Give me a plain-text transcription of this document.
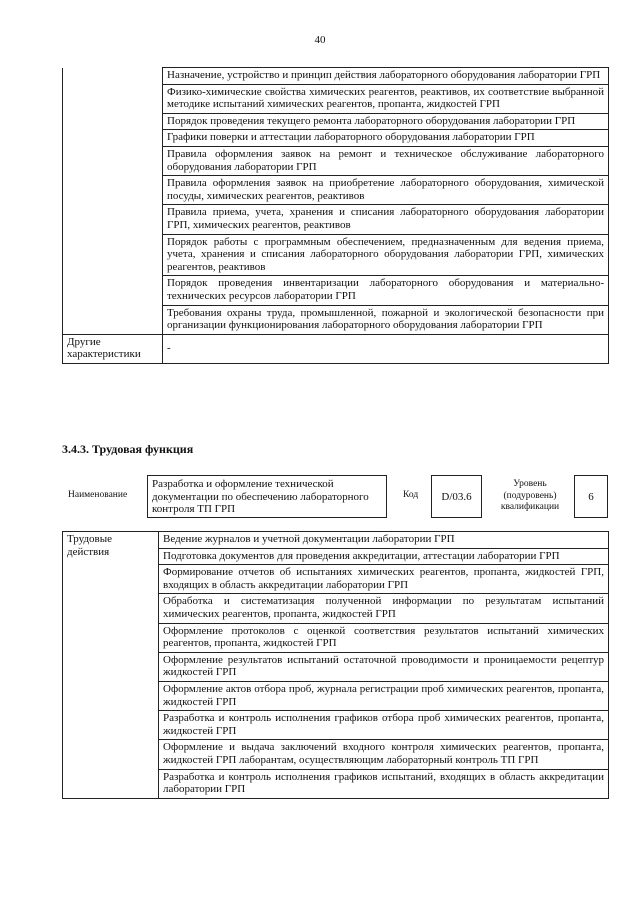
40
	Назначение, устройство и принцип действия лабораторного оборудования лаборатории ГРП
	Физико-химические свойства химических реагентов, реактивов, их соответствие выбранной методике испытаний химических реагентов, пропанта, жидкостей ГРП
	Порядок проведения текущего ремонта лабораторного оборудования лаборатории ГРП
	Графики поверки и аттестации лабораторного оборудования лаборатории ГРП
	Правила оформления заявок на ремонт и техническое обслуживание лабораторного оборудования лаборатории ГРП
	Правила оформления заявок на приобретение лабораторного оборудования, химической посуды, химических реагентов, реактивов
	Правила приема, учета, хранения и списания лабораторного оборудования лаборатории ГРП, химических реагентов, реактивов
	Порядок работы с программным обеспечением, предназначенным для ведения приема, учета, хранения и списания лабораторного оборудования лаборатории ГРП, химических реагентов, реактивов
	Порядок проведения инвентаризации лабораторного оборудования и материально-технических ресурсов лаборатории ГРП
	Требования охраны труда, промышленной, пожарной и экологической безопасности при организации функционирования лабораторного оборудования лаборатории ГРП
Другие характеристики	-
3.4.3. Трудовая функция
Наименование
Разработка и оформление технической документации по обеспечению лабораторного контроля ТП ГРП
Код	D/03.6
Уровень (подуровень) квалификации
6
Трудовые действия	Ведение журналов и учетной документации лаборатории ГРП
Подготовка документов для проведения аккредитации, аттестации лаборатории ГРП
Формирование отчетов об испытаниях химических реагентов, пропанта, жидкостей ГРП, входящих в область аккредитации лаборатории ГРП
Обработка и систематизация полученной информации по результатам испытаний химических реагентов, пропанта, жидкостей ГРП
Оформление протоколов с оценкой соответствия результатов испытаний химических реагентов, пропанта, жидкостей ГРП
Оформление результатов испытаний остаточной проводимости и проницаемости рецептур жидкостей ГРП
Оформление актов отбора проб, журнала регистрации проб химических реагентов, пропанта, жидкостей ГРП
Разработка и контроль исполнения графиков отбора проб химических реагентов, пропанта, жидкостей ГРП
Оформление и выдача заключений входного контроля химических реагентов, пропанта, жидкостей ГРП лаборантам, осуществляющим лабораторный контроль ТП ГРП
Разработка и контроль исполнения графиков испытаний, входящих в область аккредитации лаборатории ГРП
